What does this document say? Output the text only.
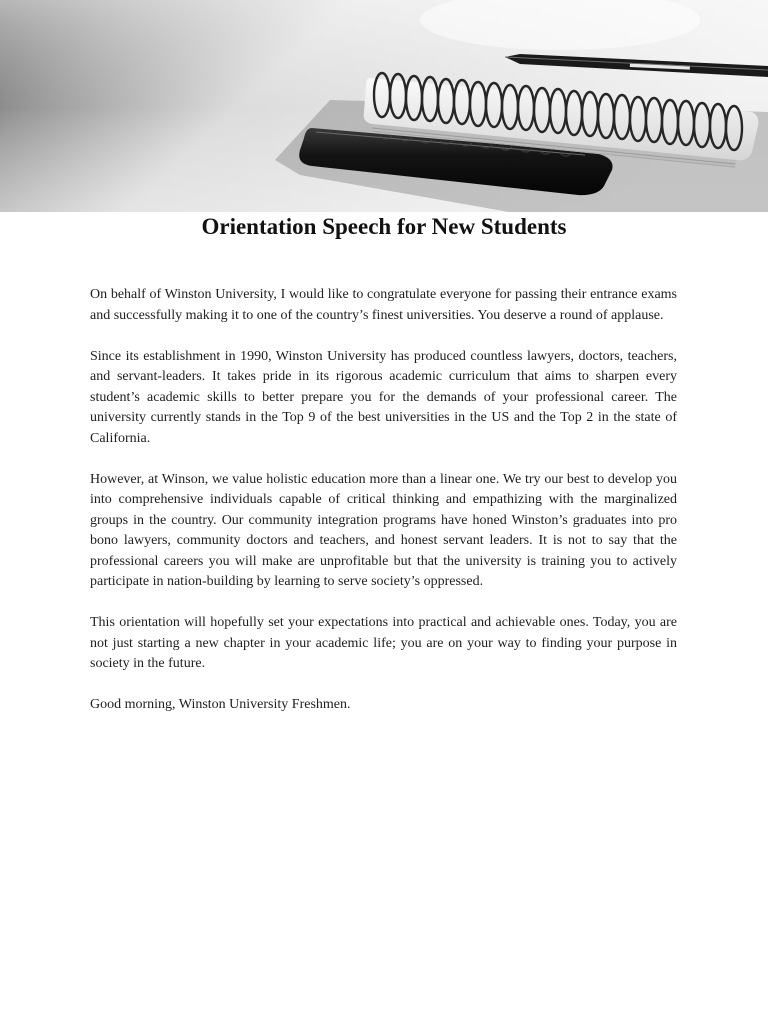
Orientation Speech for New Students

On behalf of Winston University, I would like to congratulate everyone for passing their entrance exams and successfully making it to one of the country’s finest universities. You deserve a round of applause.

Since its establishment in 1990, Winston University has produced countless lawyers, doctors, teachers, and servant-leaders. It takes pride in its rigorous academic curriculum that aims to sharpen every student’s academic skills to better prepare you for the demands of your professional career. The university currently stands in the Top 9 of the best universities in the US and the Top 2 in the state of California.

However, at Winson, we value holistic education more than a linear one. We try our best to develop you into comprehensive individuals capable of critical thinking and empathizing with the marginalized groups in the country. Our community integration programs have honed Winston’s graduates into pro bono lawyers, community doctors and teachers, and honest servant leaders. It is not to say that the professional careers you will make are unprofitable but that the university is training you to actively participate in nation-building by learning to serve society’s oppressed.

This orientation will hopefully set your expectations into practical and achievable ones. Today, you are not just starting a new chapter in your academic life; you are on your way to finding your purpose in society in the future.

Good morning, Winston University Freshmen.
